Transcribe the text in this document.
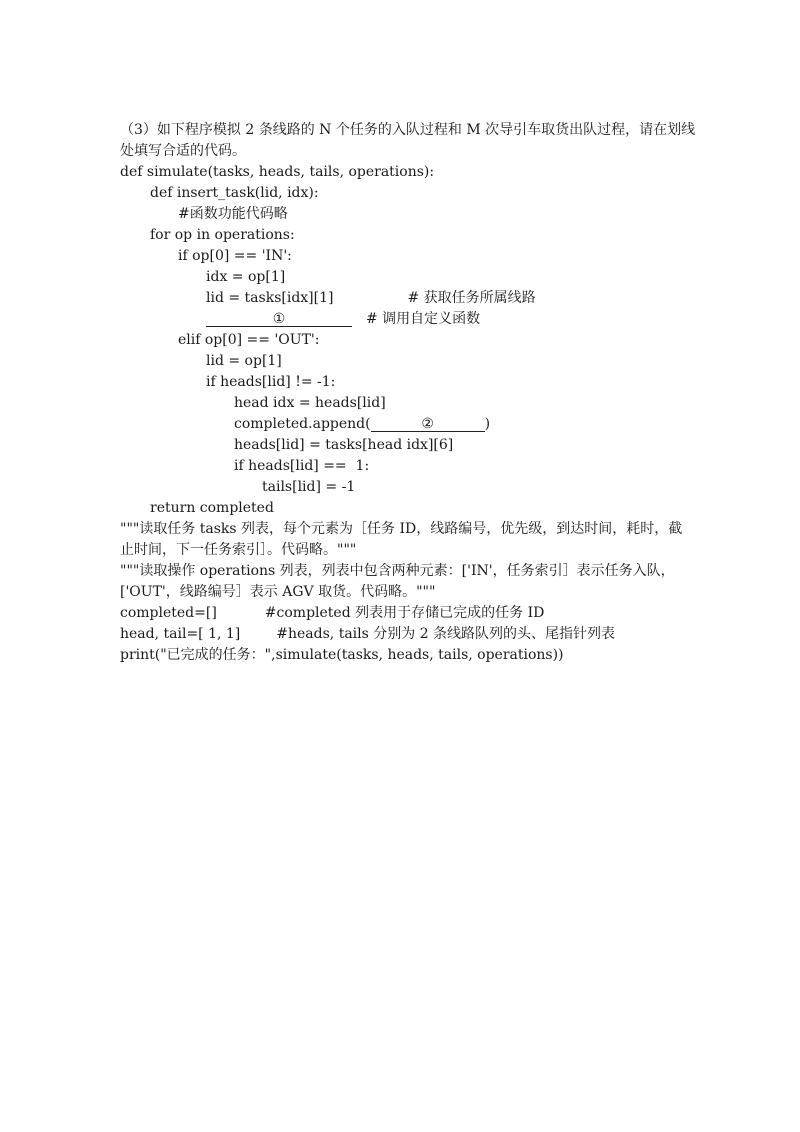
（3）如下程序模拟 2 条线路的 N 个任务的入队过程和 M 次导引车取货出队过程，请在划线
处填写合适的代码。
def simulate(tasks, heads, tails, operations):
def insert_task(lid, idx):
#函数功能代码略
for op in operations:
if op[0] == 'IN':
idx = op[1]
lid = tasks[idx][1]	# 获取任务所属线路
①	# 调用自定义函数
elif op[0] == 'OUT':
lid = op[1]
if heads[lid] != -1:
head idx = heads[lid]
completed.append(	②	)
heads[lid] = tasks[head idx][6]
if heads[lid] ==  1:
tails[lid] = -1
return completed
"""读取任务 tasks 列表，每个元素为［任务 ID，线路编号，优先级，到达时间，耗时，截
止时间，下一任务索引］。代码略。"""
"""读取操作 operations 列表，列表中包含两种元素：['IN'，任务索引］表示任务入队，
['OUT'，线路编号］表示 AGV 取货。代码略。"""
completed=[]	#completed 列表用于存储已完成的任务 ID
head, tail=[ 1, 1]	#heads, tails 分别为 2 条线路队列的头、尾指针列表
print("已完成的任务：",simulate(tasks, heads, tails, operations))
